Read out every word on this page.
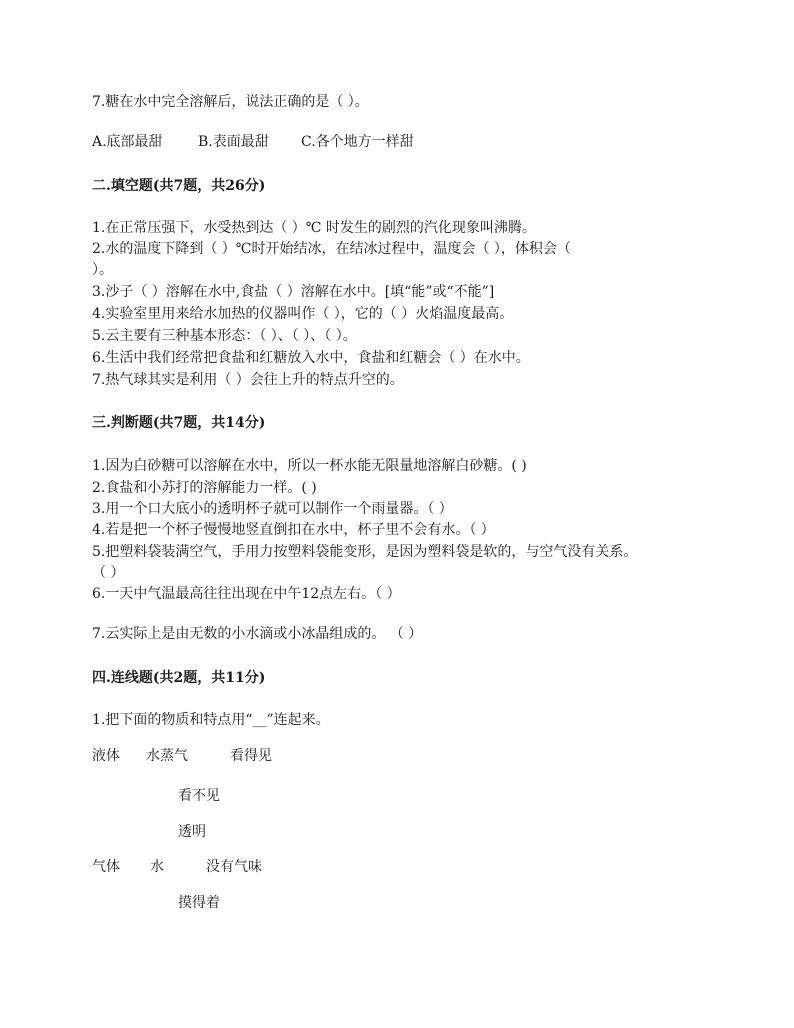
7.糖在水中完全溶解后，说法正确的是（ ）。
A.底部最甜	B.表面最甜 C.各个地方一样甜
二.填空题(共7题，共26分)
1.在正常压强下，水受热到达（ ）℃ 时发生的剧烈的汽化现象叫沸腾。
2.水的温度下降到（ ）℃时开始结冰，在结冰过程中，温度会（ ），体积会（
）。
3.沙子（ ）溶解在水中,食盐（ ）溶解在水中。[填“能”或“不能”]
4.实验室里用来给水加热的仪器叫作（ ），它的（ ）火焰温度最高。
5.云主要有三种基本形态：（ ）、（ ）、（ ）。
6.生活中我们经常把食盐和红糖放入水中，食盐和红糖会（ ）在水中。
7.热气球其实是利用（ ）会往上升的特点升空的。
三.判断题(共7题，共14分)
1.因为白砂糖可以溶解在水中，所以一杯水能无限量地溶解白砂糖。( )
2.食盐和小苏打的溶解能力一样。( )
3.用一个口大底小的透明杯子就可以制作一个雨量器。（ ）
4.若是把一个杯子慢慢地竖直倒扣在水中，杯子里不会有水。（ ）
5.把塑料袋装满空气，手用力按塑料袋能变形，是因为塑料袋是软的，与空气没有关系。
（ ）
6.一天中气温最高往往出现在中午12点左右。（ ）
7.云实际上是由无数的小水滴或小冰晶组成的。 （ ）
四.连线题(共2题，共11分)
1.把下面的物质和特点用“__”连起来。
液体 水蒸气	看得见
看不见
透明
气体 水	没有气味
摸得着
